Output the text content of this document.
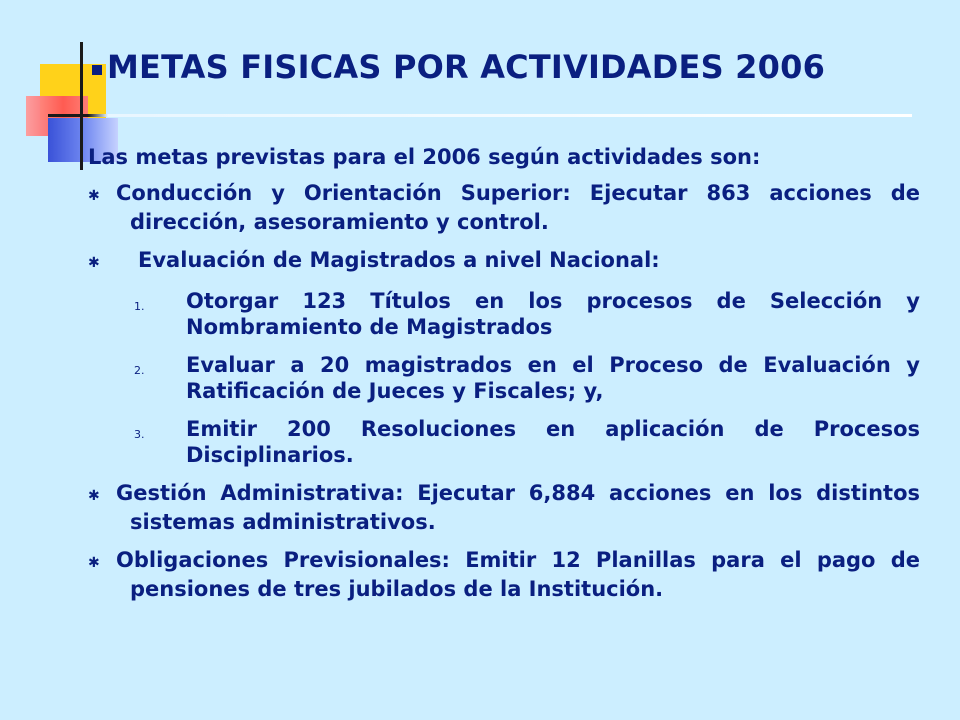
METAS FISICAS POR ACTIVIDADES 2006

Las metas previstas para el 2006 según actividades son:

✱ Conducción y Orientación Superior: Ejecutar 863 acciones de dirección, asesoramiento y control.
✱ Evaluación de Magistrados a nivel Nacional:
1.	Otorgar 123 Títulos en los procesos de Selección y Nombramiento de Magistrados
2.	Evaluar a 20 magistrados en el Proceso de Evaluación y Ratificación de Jueces y Fiscales; y,
3.	Emitir 200 Resoluciones en aplicación de Procesos Disciplinarios.
✱ Gestión Administrativa: Ejecutar 6,884 acciones en los distintos sistemas administrativos.
✱ Obligaciones Previsionales: Emitir 12 Planillas para el pago de pensiones de tres jubilados de la Institución.
